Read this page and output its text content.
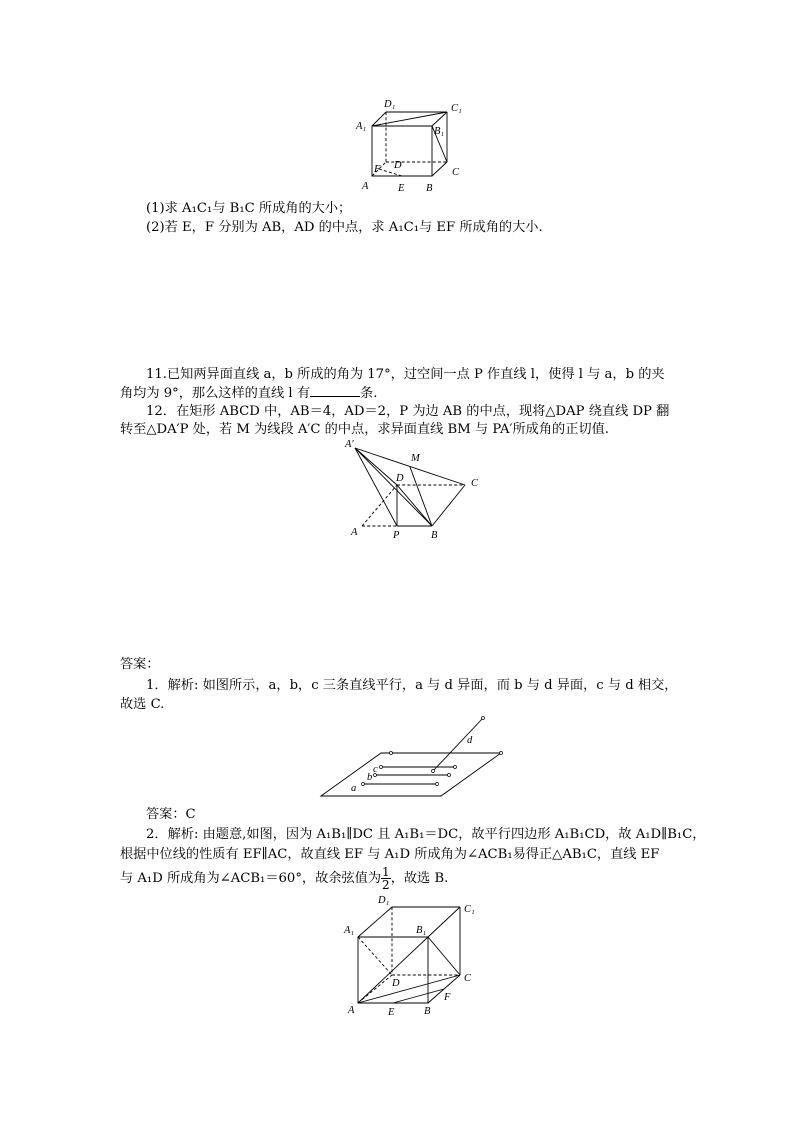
D₁	C₁
A₁	B₁
D
F
A	E B
C
(1)求 A₁C₁与 B₁C 所成角的大小；
(2)若 E，F 分别为 AB，AD 的中点，求 A₁C₁与 EF 所成角的大小.
11.已知两异面直线 a，b 所成的角为 17°，过空间一点 P 作直线 l，使得 l 与 a，b 的夹
角均为 9°，那么这样的直线 l 有	条.
12．在矩形 ABCD 中，AB＝4，AD＝2，P 为边 AB 的中点，现将△DAP 绕直线 DP 翻
转至△DA′P 处，若 M 为线段 A′C 的中点，求异面直线 BM 与 PA′所成角的正切值.
A′
M
D	C
A	P	B
答案：
1．解析: 如图所示，a，b，c 三条直线平行，a 与 d 异面，而 b 与 d 异面，c 与 d 相交，
故选 C.
d
c
b
a
答案：C
2．解析: 由题意,如图，因为 A₁B₁∥DC 且 A₁B₁＝DC，故平行四边形 A₁B₁CD，故 A₁D∥B₁C，
根据中位线的性质有 EF∥AC，故直线 EF 与 A₁D 所成角为∠ACB₁易得正△AB₁C，直线 EF
与 A₁D 所成角为∠ACB₁＝60°，故余弦值为 $\frac{1}{2}$ ，故选 B.
D₁
C₁
A₁	B₁
D	C
F
A	E	B
